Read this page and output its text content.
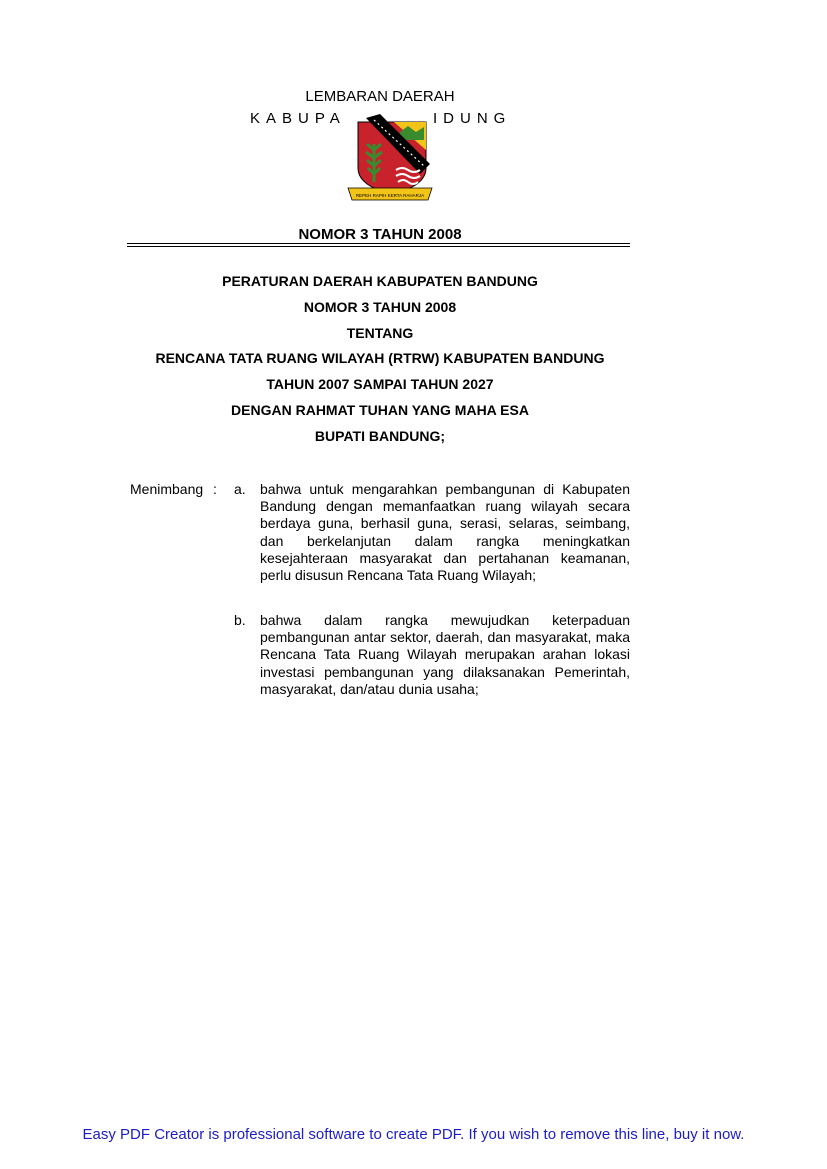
LEMBARAN DAERAH
KABUPA	IDUNG
REPEH RAPIH KERTA RAHARJA
NOMOR 3 TAHUN 2008
PERATURAN DAERAH KABUPATEN BANDUNG
NOMOR 3 TAHUN 2008
TENTANG
RENCANA TATA RUANG WILAYAH (RTRW) KABUPATEN BANDUNG
TAHUN 2007 SAMPAI TAHUN 2027
DENGAN RAHMAT TUHAN YANG MAHA ESA
BUPATI BANDUNG;
Menimbang : a. bahwa untuk mengarahkan pembangunan di Kabupaten Bandung dengan memanfaatkan ruang wilayah secara berdaya guna, berhasil guna, serasi, selaras, seimbang, dan berkelanjutan dalam rangka meningkatkan kesejahteraan masyarakat dan pertahanan keamanan, perlu disusun Rencana Tata Ruang Wilayah;
b. bahwa dalam rangka mewujudkan keterpaduan pembangunan antar sektor, daerah, dan masyarakat, maka Rencana Tata Ruang Wilayah merupakan arahan lokasi investasi pembangunan yang dilaksanakan Pemerintah, masyarakat, dan/atau dunia usaha;
Easy PDF Creator is professional software to create PDF. If you wish to remove this line, buy it now.
